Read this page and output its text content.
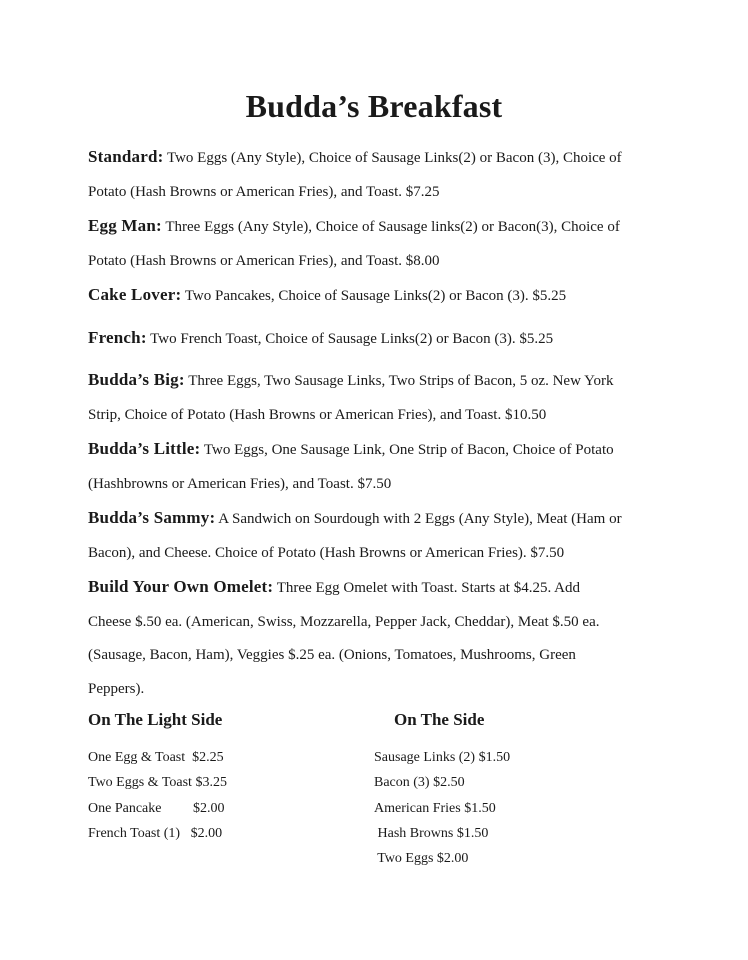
Budda’s Breakfast

Standard: Two Eggs (Any Style), Choice of Sausage Links(2) or Bacon (3), Choice of
Potato (Hash Browns or American Fries), and Toast. $7.25

Egg Man: Three Eggs (Any Style), Choice of Sausage links(2) or Bacon(3), Choice of
Potato (Hash Browns or American Fries), and Toast. $8.00

Cake Lover: Two Pancakes, Choice of Sausage Links(2) or Bacon (3). $5.25

French: Two French Toast, Choice of Sausage Links(2) or Bacon (3). $5.25

Budda’s Big: Three Eggs, Two Sausage Links, Two Strips of Bacon, 5 oz. New York
Strip, Choice of Potato (Hash Browns or American Fries), and Toast. $10.50

Budda’s Little: Two Eggs, One Sausage Link, One Strip of Bacon, Choice of Potato
(Hashbrowns or American Fries), and Toast. $7.50

Budda’s Sammy: A Sandwich on Sourdough with 2 Eggs (Any Style), Meat (Ham or
Bacon), and Cheese. Choice of Potato (Hash Browns or American Fries). $7.50

Build Your Own Omelet: Three Egg Omelet with Toast. Starts at $4.25. Add
Cheese $.50 ea. (American, Swiss, Mozzarella, Pepper Jack, Cheddar), Meat $.50 ea.
(Sausage, Bacon, Ham), Veggies $.25 ea. (Onions, Tomatoes, Mushrooms, Green
Peppers).

On The Light Side
One Egg & Toast  $2.25
Two Eggs & Toast $3.25
One Pancake         $2.00
French Toast (1)   $2.00
On The Side
Sausage Links (2) $1.50
Bacon (3) $2.50
American Fries $1.50
Hash Browns $1.50
Two Eggs $2.00
